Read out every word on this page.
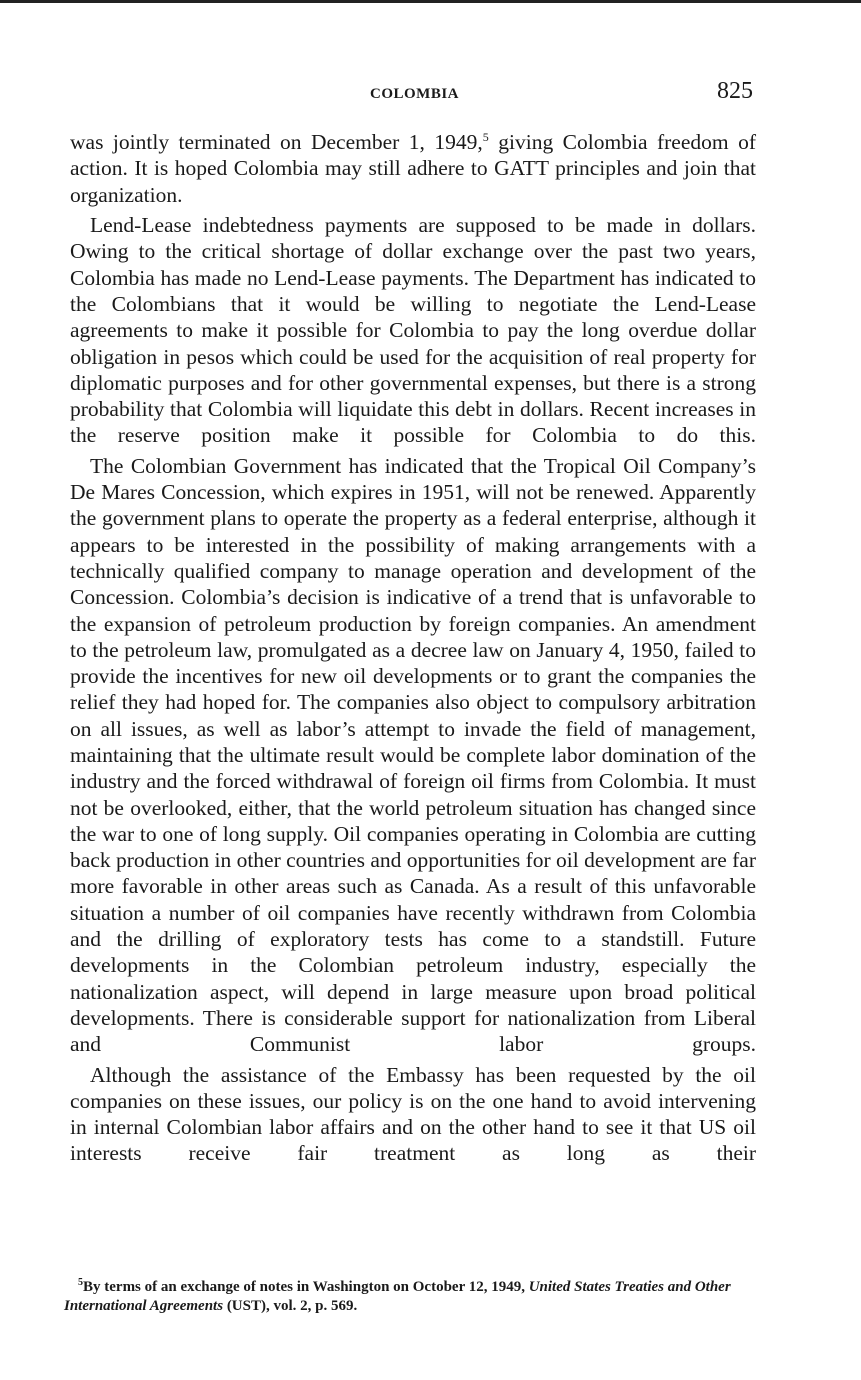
COLOMBIA	825

was jointly terminated on December 1, 1949,$^5$ giving Colombia freedom of action. It is hoped Colombia may still adhere to GATT principles and join that organization.

Lend-Lease indebtedness payments are supposed to be made in dollars. Owing to the critical shortage of dollar exchange over the past two years, Colombia has made no Lend-Lease payments. The Department has indicated to the Colombians that it would be willing to negotiate the Lend-Lease agreements to make it possible for Colombia to pay the long overdue dollar obligation in pesos which could be used for the acquisition of real property for diplomatic purposes and for other governmental expenses, but there is a strong probability that Colombia will liquidate this debt in dollars. Recent increases in the reserve position make it possible for Colombia to do this.

The Colombian Government has indicated that the Tropical Oil Company’s De Mares Concession, which expires in 1951, will not be renewed. Apparently the government plans to operate the property as a federal enterprise, although it appears to be interested in the possibility of making arrangements with a technically qualified company to manage operation and development of the Concession. Colombia’s decision is indicative of a trend that is unfavorable to the expansion of petroleum production by foreign companies. An amendment to the petroleum law, promulgated as a decree law on January 4, 1950, failed to provide the incentives for new oil developments or to grant the companies the relief they had hoped for. The companies also object to compulsory arbitration on all issues, as well as labor’s attempt to invade the field of management, maintaining that the ultimate result would be complete labor domination of the industry and the forced withdrawal of foreign oil firms from Colombia. It must not be overlooked, either, that the world petroleum situation has changed since the war to one of long supply. Oil companies operating in Colombia are cutting back production in other countries and opportunities for oil development are far more favorable in other areas such as Canada. As a result of this unfavorable situation a number of oil companies have recently withdrawn from Colombia and the drilling of exploratory tests has come to a standstill. Future developments in the Colombian petroleum industry, especially the nationalization aspect, will depend in large measure upon broad political developments. There is considerable support for nationalization from Liberal and Communist labor groups.

Although the assistance of the Embassy has been requested by the oil companies on these issues, our policy is on the one hand to avoid intervening in internal Colombian labor affairs and on the other hand to see it that US oil interests receive fair treatment as long as their

$^5$By terms of an exchange of notes in Washington on October 12, 1949, United States Treaties and Other International Agreements (UST), vol. 2, p. 569.
